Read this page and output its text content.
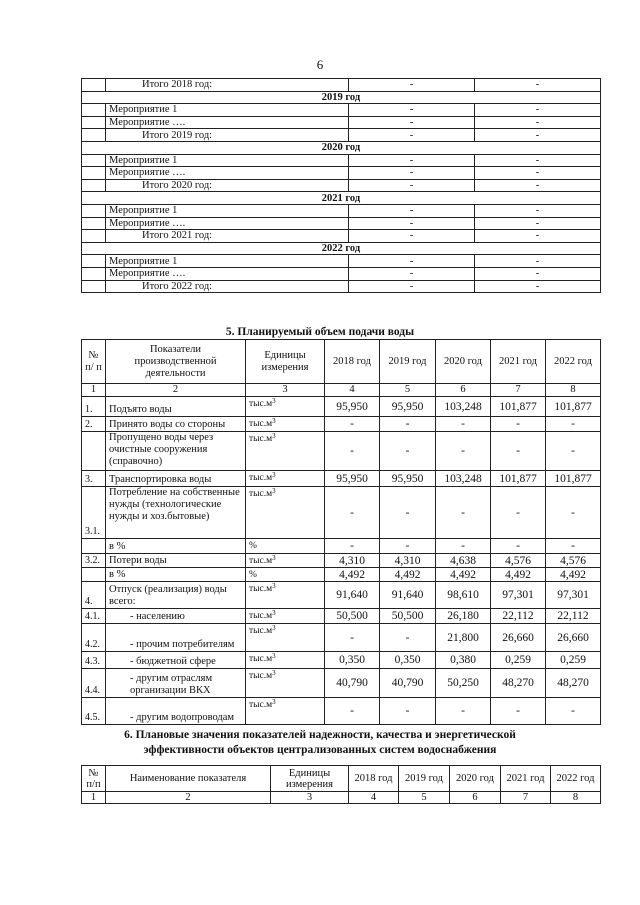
6
	Итого 2018 год:	-	-
2019 год			
	Мероприятие 1	-	-
	Мероприятие ….	-	-
	Итого 2019 год:	-	-
2020 год			
	Мероприятие 1	-	-
	Мероприятие ….	-	-
	Итого 2020 год:	-	-
2021 год			
	Мероприятие 1	-	-
	Мероприятие ….	-	-
	Итого 2021 год:	-	-
2022 год			
	Мероприятие 1	-	-
	Мероприятие ….	-	-
	Итого 2022 год:	-	-
5. Планируемый объем подачи воды
№ п/ п	Показатели производственной деятельности	Единицы измерения	2018 год	2019 год	2020 год	2021 год	2022 год
1	2	3	4	5	6	7	8
1.	Подъято воды	$тыс.м^3$	95,950	95,950	103,248	101,877	101,877
2.	Принято воды со стороны	$тыс.м^3$	-	-	-	-	-
	Пропущено воды через очистные сооружения (справочно)	$тыс.м^3$	-	-	-	-	-
3.	Транспортировка воды	$тыс.м^3$	95,950	95,950	103,248	101,877	101,877
3.1.	Потребление на собственные нужды (технологические нужды и хоз.бытовые)	$тыс.м^3$	-	-	-	-	-
	в %	%	-	-	-	-	-
3.2.	Потери воды	$тыс.м^3$	4,310	4,310	4,638	4,576	4,576
	в %	%	4,492	4,492	4,492	4,492	4,492
4.	Отпуск (реализация) воды всего:	$тыс.м^3$	91,640	91,640	98,610	97,301	97,301
4.1.	- населению	$тыс.м^3$	50,500	50,500	26,180	22,112	22,112
4.2.	- прочим потребителям	$тыс.м^3$	-	-	21,800	26,660	26,660
4.3.	- бюджетной сфере	$тыс.м^3$	0,350	0,350	0,380	0,259	0,259
4.4.	- другим отраслям организации ВКХ	$тыс.м^3$	40,790	40,790	50,250	48,270	48,270
4.5.	- другим водопроводам	$тыс.м^3$	-	-	-	-	-
6. Плановые значения показателей надежности, качества и энергетической
эффективности объектов централизованных систем водоснабжения
№ п/п	Наименование показателя	Единицы измерения	2018 год	2019 год	2020 год	2021 год	2022 год
1	2	3	4	5	6	7	8
